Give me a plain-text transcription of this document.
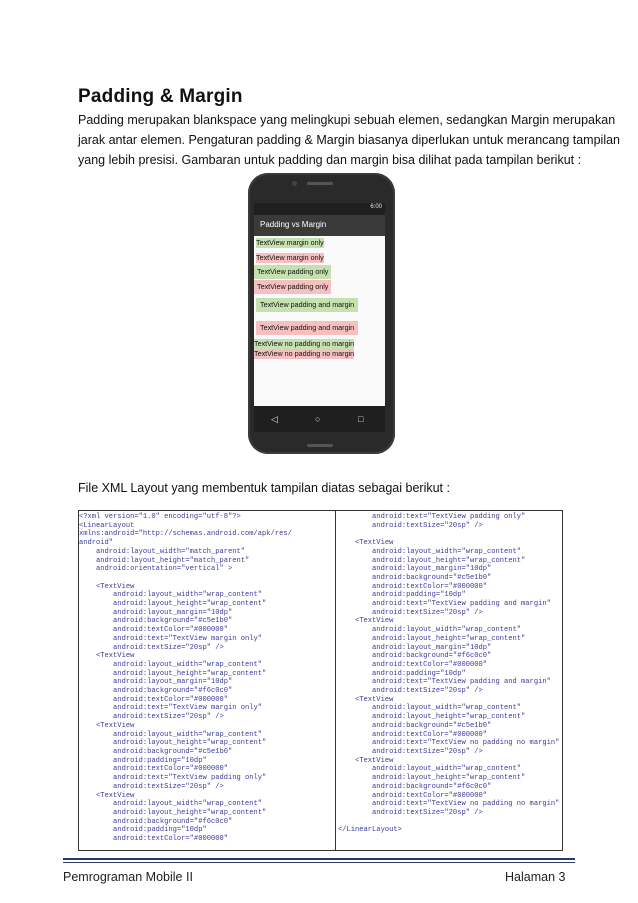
Padding & Margin

Padding merupakan blankspace yang melingkupi sebuah elemen, sedangkan Margin merupakan

jarak antar elemen. Pengaturan padding & Margin biasanya diperlukan untuk merancang tampilan

yang lebih presisi. Gambaran untuk padding dan margin bisa dilihat pada tampilan berikut :

6:00
Padding vs Margin
TextView margin only
TextView margin only
TextView padding only
TextView padding only
TextView padding and margin
TextView padding and margin
TextView no padding no margin
TextView no padding no margin
◁	○	□
File XML Layout yang membentuk tampilan diatas sebagai berikut :
<?xml version="1.0" encoding="utf-8"?>
<LinearLayout
xmlns:android="http://schemas.android.com/apk/res/
android"
android:layout_width="match_parent"
android:layout_height="match_parent"
android:orientation="vertical" >

<TextView
android:layout_width="wrap_content"
android:layout_height="wrap_content"
android:layout_margin="10dp"
android:background="#c5e1b0"
android:textColor="#000000"
android:text="TextView margin only"
android:textSize="20sp" />
<TextView
android:layout_width="wrap_content"
android:layout_height="wrap_content"
android:layout_margin="10dp"
android:background="#f6c0c0"
android:textColor="#000000"
android:text="TextView margin only"
android:textSize="20sp" />
<TextView
android:layout_width="wrap_content"
android:layout_height="wrap_content"
android:background="#c5e1b0"
android:padding="10dp"
android:textColor="#000000"
android:text="TextView padding only"
android:textSize="20sp" />
<TextView
android:layout_width="wrap_content"
android:layout_height="wrap_content"
android:background="#f6c0c0"
android:padding="10dp"
android:textColor="#000000"
android:text="TextView padding only"
android:textSize="20sp" />

<TextView
android:layout_width="wrap_content"
android:layout_height="wrap_content"
android:layout_margin="10dp"
android:background="#c5e1b0"
android:textColor="#000000"
android:padding="10dp"
android:text="TextView padding and margin"
android:textSize="20sp" />
<TextView
android:layout_width="wrap_content"
android:layout_height="wrap_content"
android:layout_margin="10dp"
android:background="#f6c0c0"
android:textColor="#000000"
android:padding="10dp"
android:text="TextView padding and margin"
android:textSize="20sp" />
<TextView
android:layout_width="wrap_content"
android:layout_height="wrap_content"
android:background="#c5e1b0"
android:textColor="#000000"
android:text="TextView no padding no margin"
android:textSize="20sp" />
<TextView
android:layout_width="wrap_content"
android:layout_height="wrap_content"
android:background="#f6c0c0"
android:textColor="#000000"
android:text="TextView no padding no margin"
android:textSize="20sp" />

</LinearLayout>
Pemrograman Mobile II	Halaman 3
